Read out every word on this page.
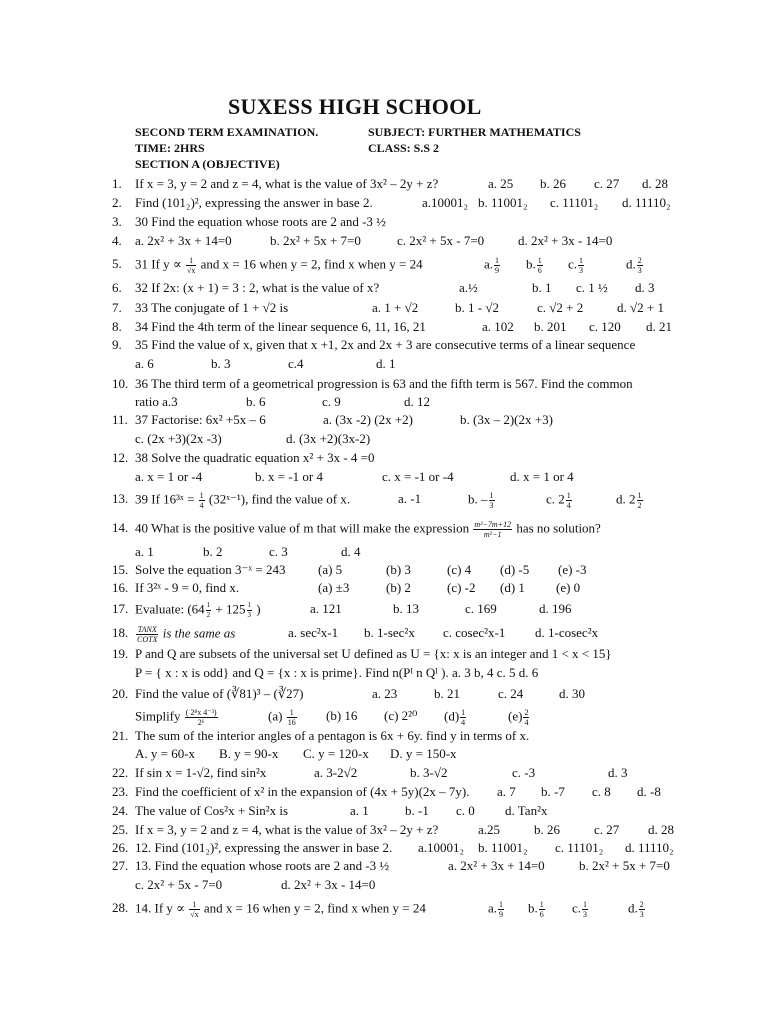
SUXESS HIGH SCHOOL
SECOND TERM EXAMINATION.	SUBJECT: FURTHER MATHEMATICS
TIME: 2HRS	CLASS: S.S 2
SECTION A (OBJECTIVE)
1. If x = 3, y = 2 and z = 4, what is the value of 3x² – 2y + z?	a. 25 b. 26 c. 27 d. 28
2. Find (101₂)², expressing the answer in base 2.	a.10001₂ b. 11001₂ c. 11101₂ d. 11110₂
3. 30 Find the equation whose roots are 2 and -3 ½
4. a. 2x² + 3x + 14=0	b. 2x² + 5x + 7=0	c. 2x² + 5x - 7=0	d. 2x² + 3x - 14=0
5. 31 If $y \propto \frac{1}{√x}$ and x = 16 when y = 2, find x when y = 24	a. $\frac{1}{9} b$. $\frac{1}{6} c$. $\frac{1}{3}$	d. $\frac{2}{3}$
6. 32 If 2x: (x + 1) = 3 : 2, what is the value of x?	a.½	b. 1 c. 1 ½ d. 3
7. 33 The conjugate of 1 + √2 is	a. 1 + √2	b. 1 - √2	c. √2 + 2	d. √2 + 1
8. 34 Find the 4th term of the linear sequence 6, 11, 16, 21	a. 102 b. 201 c. 120 d. 21
9. 35 Find the value of x, given that x +1, 2x and 2x + 3 are consecutive terms of a linear sequence
a. 6	b. 3	c.4	d. 1
10. 36 The third term of a geometrical progression is 63 and the fifth term is 567. Find the common
ratio a.3	b. 6	c. 9	d. 12
11. 37 Factorise: 6x² +5x – 6	a. (3x -2) (2x +2)	b. (3x – 2)(2x +3)
c. (2x +3)(2x -3)	d. (3x +2)(3x-2)
12. 38 Solve the quadratic equation x² + 3x - 4 =0
a. x = 1 or -4	b. x = -1 or 4	c. x = -1 or -4	d. x = 1 or 4
13. 39 If 16³ˣ = $\frac{1}{4}$ (32ˣ⁻¹), find the value of x.	a. -1	b. – $\frac{1}{3}$	c. $2 \frac{1}{4}$	d. $2 \frac{1}{2}$
14. 40 What is the positive value of m that will make the expression $\frac{\text{m²−7m+12}}{\text{m²−1}}$ has no solution?
a. 1	b. 2	c. 3	d. 4
15. Solve the equation 3⁻ˣ = 243	(a) 5	(b) 3	(c) 4 (d) -5 (e) -3
16. If 3²ˣ - 9 = 0, find x.	(a) ±3	(b) 2	(c) -2 (d) 1 (e) 0
17. Evaluate: ($64 \frac{1}{2} + 125 \frac{1}{3}$ )	a. 121	b. 13	c. 169	d. 196
18. $\frac{\text{TANX}}{\text{COTX}}$ is the same as	a. sec²x-1 b. 1-sec²x c. cosec²x-1 d. 1-cosec²x
19. P and Q are subsets of the universal set U defined as U = {x: x is an integer and 1 < x < 15}
P = { x : x is odd} and Q = {x : x is prime}. Find n(Pᴵ n Qᴵ ). a. 3 b, 4 c. 5 d. 6
20. Find the value of (∛81)³ – (∛27)	a. 23	b. 21	c. 24	d. 30
Simplify $\frac{\text{( 2⁸x 4⁻³)}}{\text{2⁶}}$	$(a) \frac{1}{16} (b)$ 16 (c) 2²⁰ $(d) \frac{1}{4}$	$(e) \frac{2}{4}$
21. The sum of the interior angles of a pentagon is 6x + 6y. find y in terms of x.
A. y = 60-x B. y = 90-x C. y = 120-x D. y = 150-x
22. If sin x = 1-√2, find sin²x	a. 3-2√2	b. 3-√2	c. -3	d. 3
23. Find the coefficient of x² in the expansion of (4x + 5y)(2x – 7y). a. 7 b. -7 c. 8 d. -8
24. The value of Cos²x + Sin²x is	a. 1	b. -1 c. 0 d. Tan²x
25. If x = 3, y = 2 and z = 4, what is the value of 3x² – 2y + z?	a.25	b. 26	c. 27 d. 28
26. 12. Find (101₂)², expressing the answer in base 2. a.10001₂ b. 11001₂ c. 11101₂ d. 11110₂
27. 13. Find the equation whose roots are 2 and -3 ½	a. 2x² + 3x + 14=0	b. 2x² + 5x + 7=0
c. 2x² + 5x - 7=0	d. 2x² + 3x - 14=0
28. 14. If $y \propto \frac{1}{√x}$ and x = 16 when y = 2, find x when y = 24	a. $\frac{1}{9} b$. $\frac{1}{6} c$. $\frac{1}{3}$	d. $\frac{2}{3}$
